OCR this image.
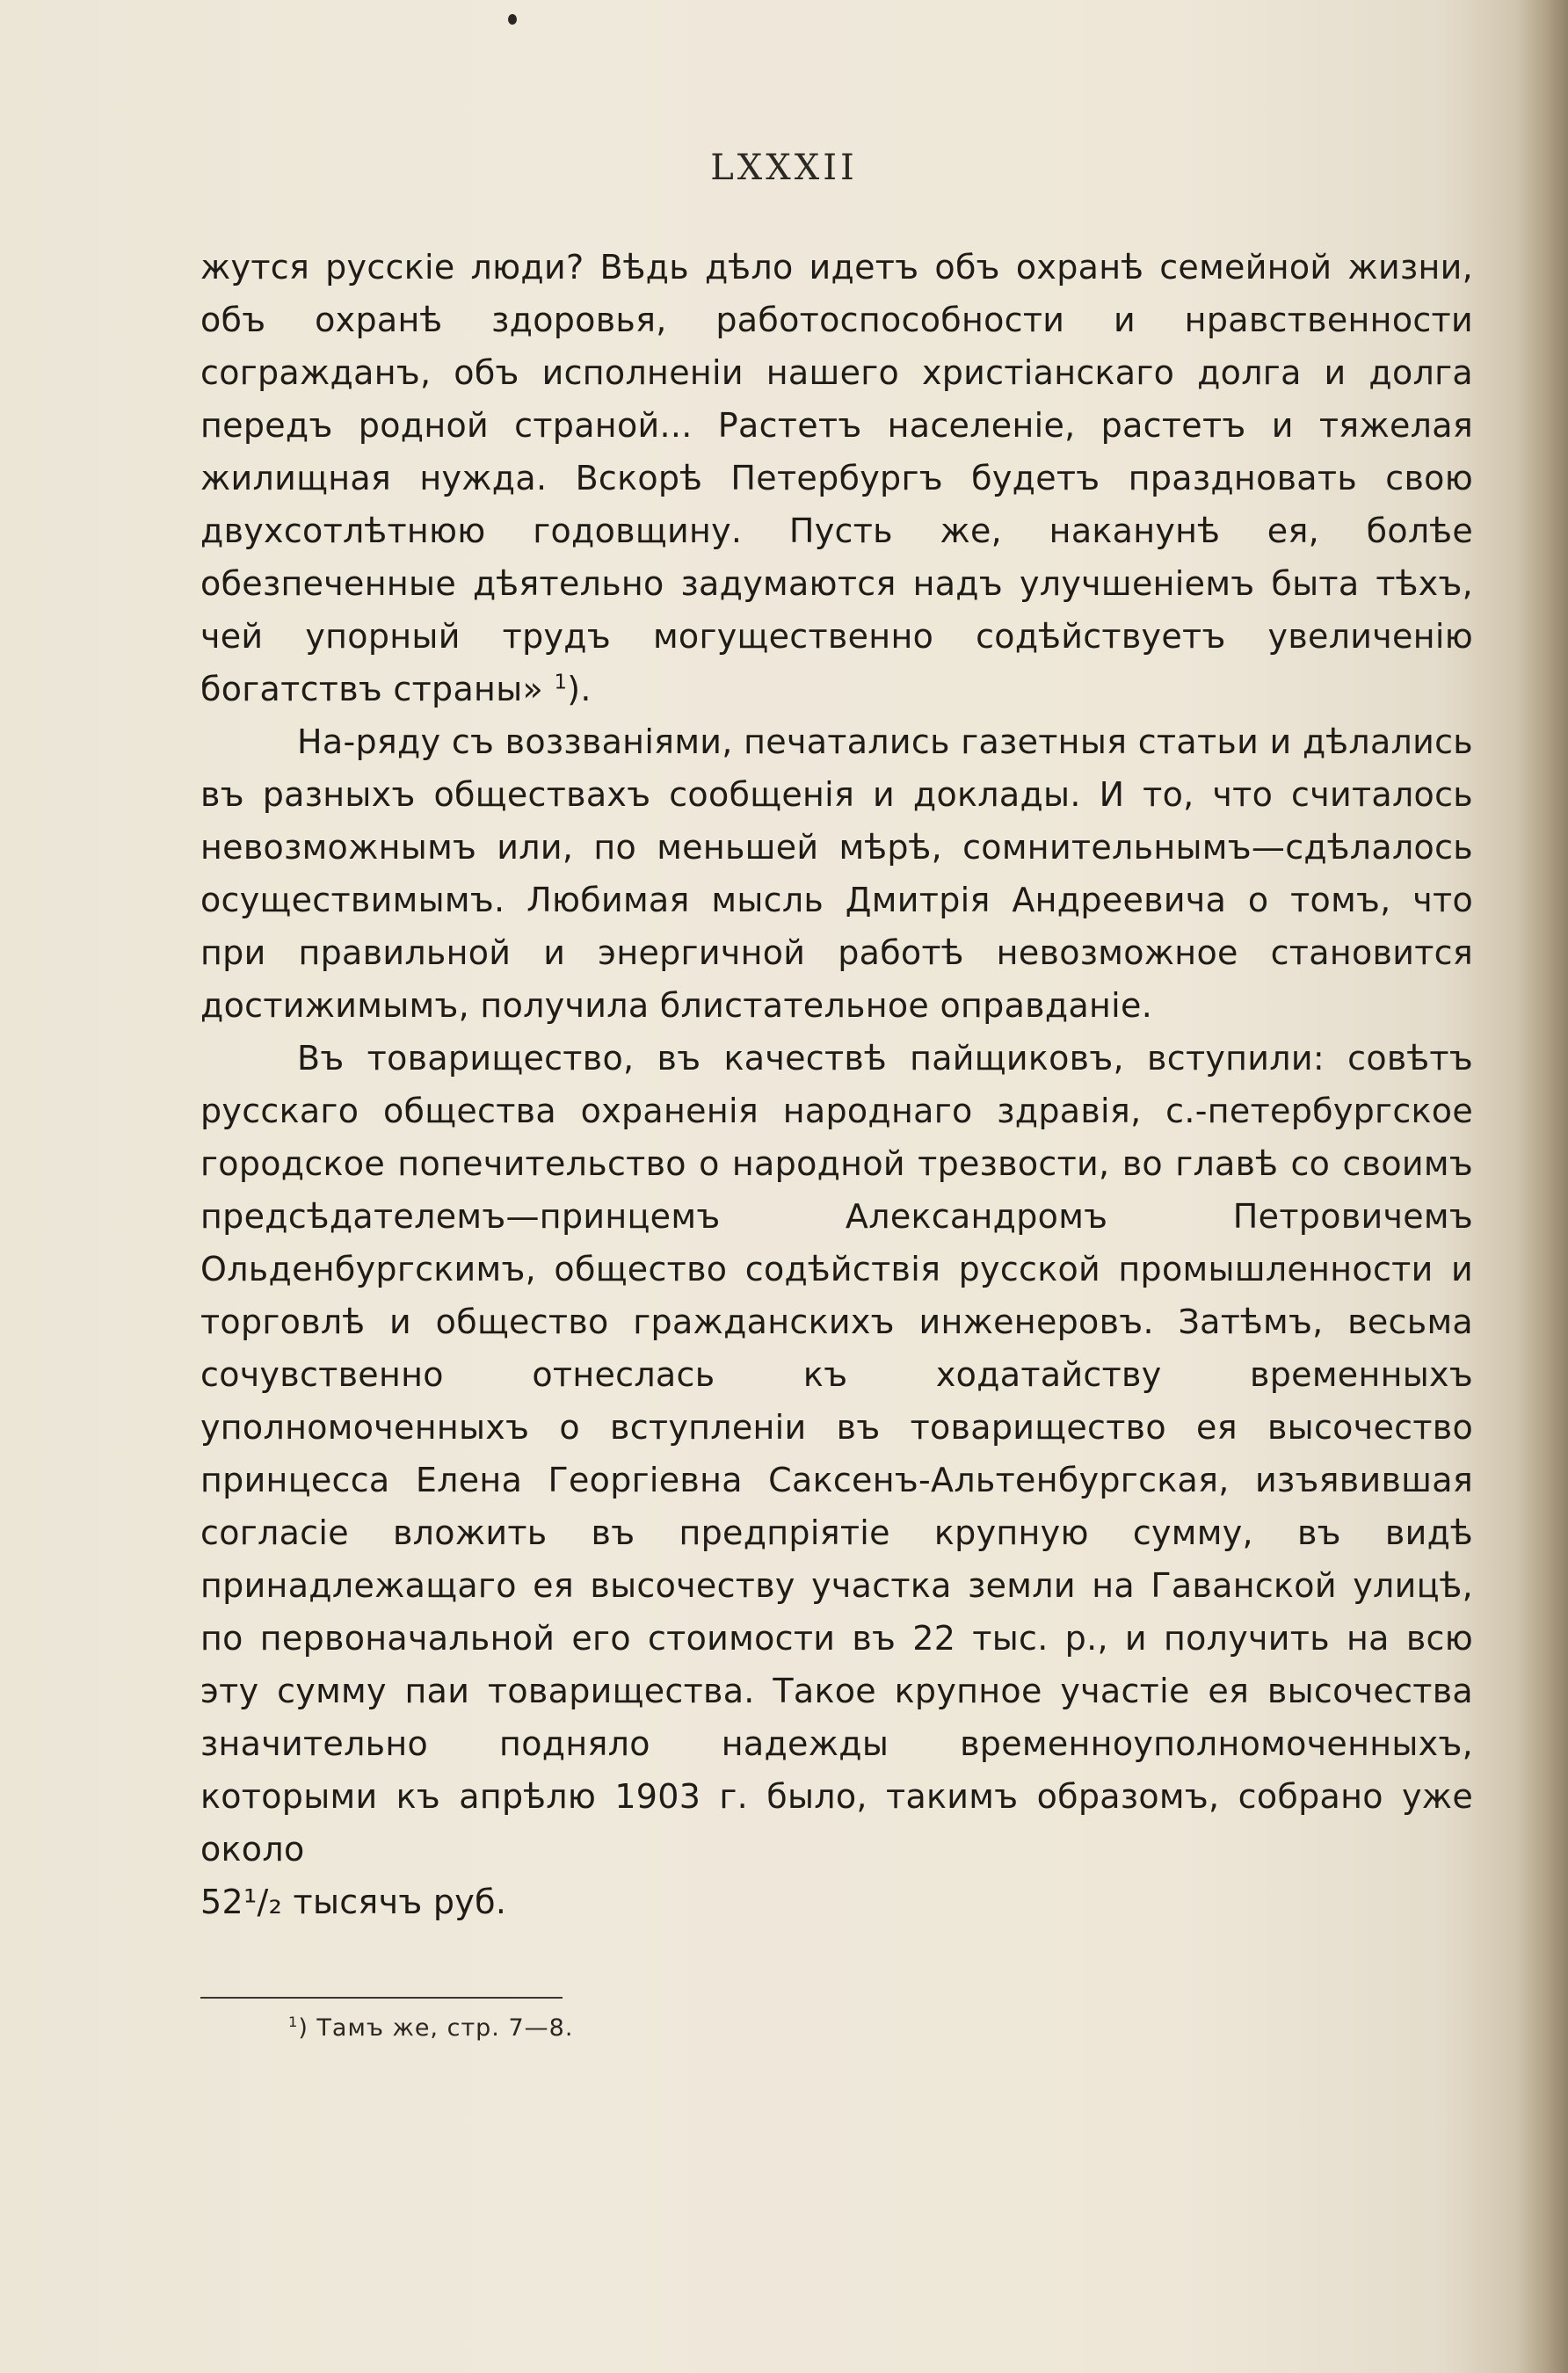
LXXXII

жутся русскіе люди? Вѣдь дѣло идетъ объ охранѣ семейной жизни, объ охранѣ здоровья, работоспособности и нравственности согражданъ, объ исполненіи нашего христіанскаго долга и долга передъ родной страной... Растетъ населеніе, растетъ и тяжелая жилищная нужда. Вскорѣ Петербургъ будетъ праздновать свою двухсотлѣтнюю годовщину. Пусть же, наканунѣ ея, болѣе обезпеченные дѣятельно задумаются надъ улучшеніемъ быта тѣхъ, чей упорный трудъ могущественно содѣйствуетъ увеличенію богатствъ страны» $^1$).

На-ряду съ воззваніями, печатались газетныя статьи и дѣлались въ разныхъ обществахъ сообщенія и доклады. И то, что считалось невозможнымъ или, по меньшей мѣрѣ, сомнительнымъ—сдѣлалось осуществимымъ. Любимая мысль Дмитрія Андреевича о томъ, что при правильной и энергичной работѣ невозможное становится достижимымъ, получила блистательное оправданіе.

Въ товарищество, въ качествѣ пайщиковъ, вступили: совѣтъ русскаго общества охраненія народнаго здравія, с.-петербургское городское попечительство о народной трезвости, во главѣ со своимъ предсѣдателемъ—принцемъ Александромъ Петровичемъ Ольденбургскимъ, общество содѣйствія русской промышленности и торговлѣ и общество гражданскихъ инженеровъ. Затѣмъ, весьма сочувственно отнеслась къ ходатайству временныхъ уполномоченныхъ о вступленіи въ товарищество ея высочество принцесса Елена Георгіевна Саксенъ-Альтенбургская, изъявившая согласіе вложить въ предпріятіе крупную сумму, въ видѣ принадлежащаго ея высочеству участка земли на Гаванской улицѣ, по первоначальной его стоимости въ 22 тыс. р., и получить на всю эту сумму паи товарищества. Такое крупное участіе ея высочества значительно подняло надежды временноуполномоченныхъ, которыми къ апрѣлю 1903 г. было, такимъ образомъ, собрано уже около
52¹/₂ тысячъ руб.

$^1$) Тамъ же, стр. 7—8.
